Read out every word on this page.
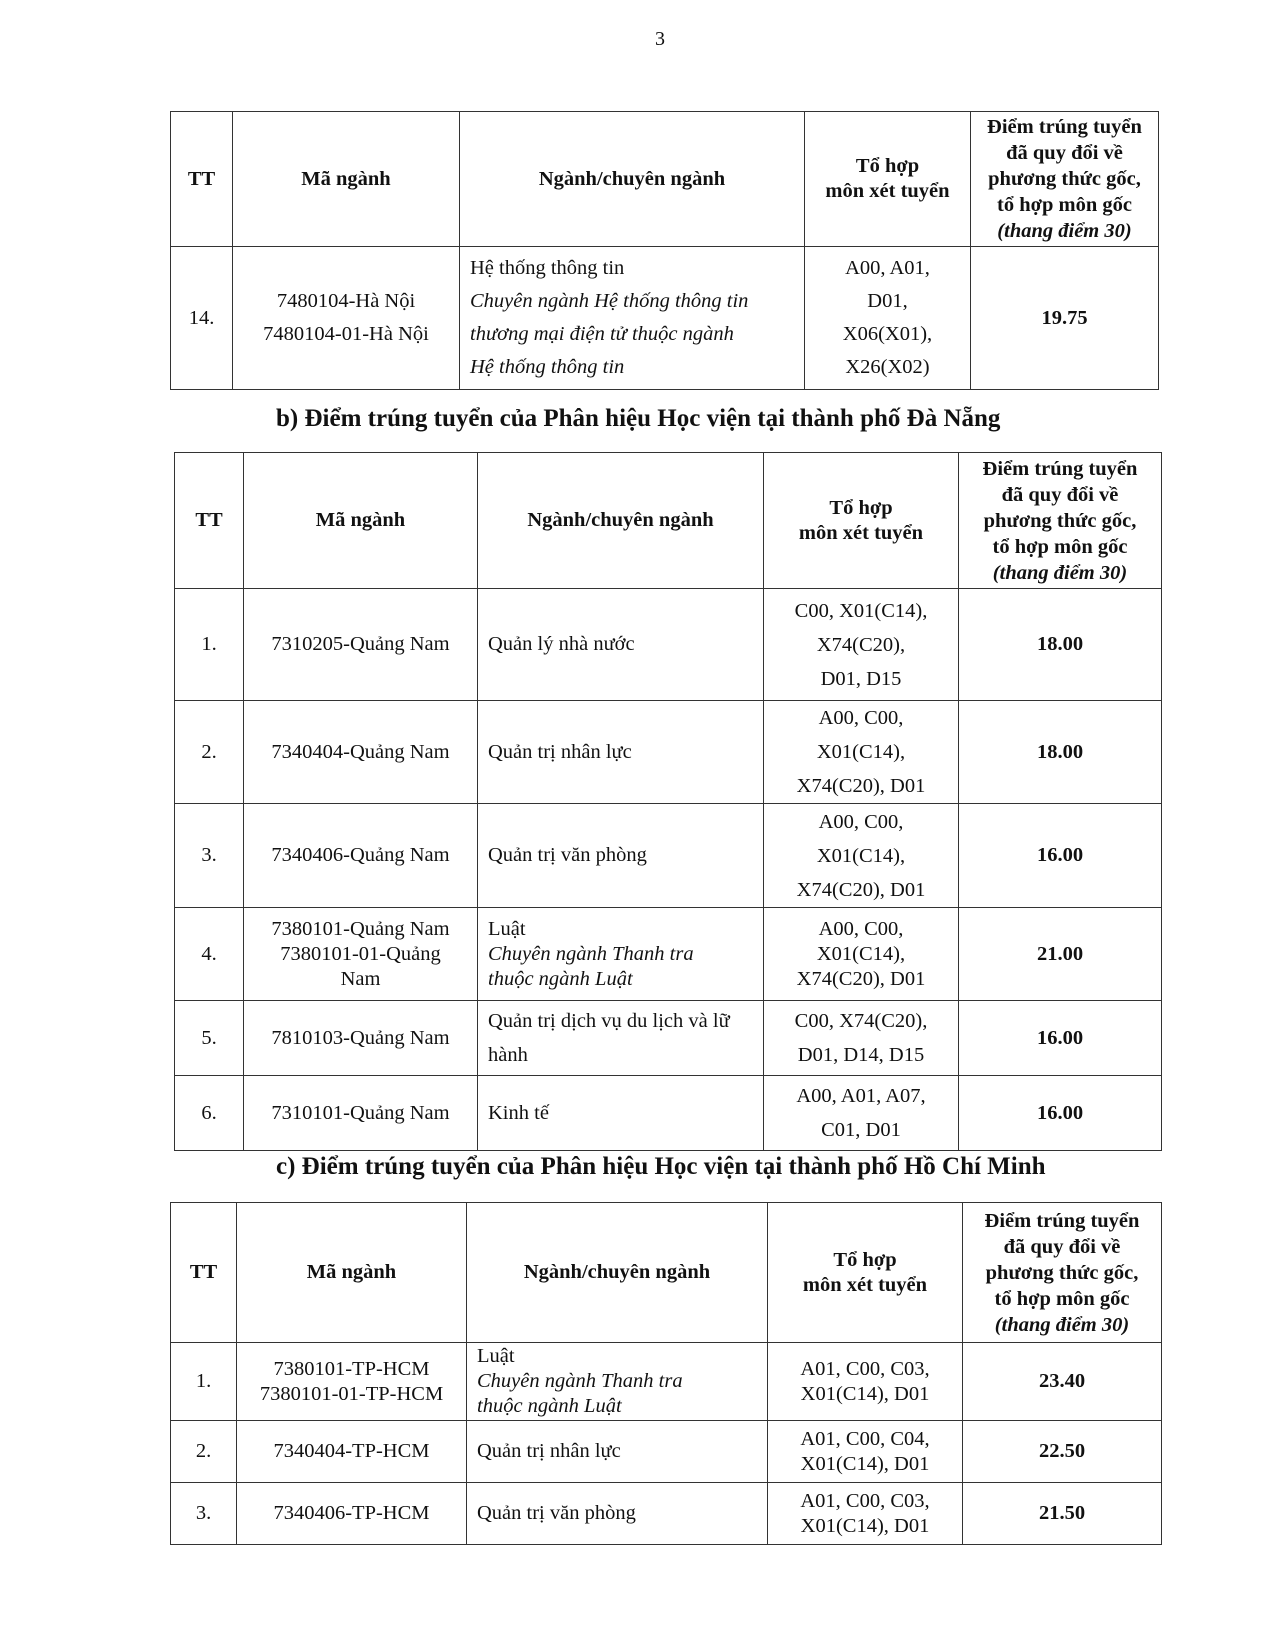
3
TT	Mã ngành	Ngành/chuyên ngành	Tổ hợp
môn xét tuyển	Điểm trúng tuyển
đã quy đổi về
phương thức gốc,
tổ hợp môn gốc
(thang điểm 30)

14.	7480104-Hà Nội
7480104-01-Hà Nội	Hệ thống thông tin
Chuyên ngành Hệ thống thông tin
thương mại điện tử thuộc ngành
Hệ thống thông tin	A00, A01,
D01,
X06(X01),
X26(X02)	19.75
b) Điểm trúng tuyển của Phân hiệu Học viện tại thành phố Đà Nẵng
TT	Mã ngành	Ngành/chuyên ngành	Tổ hợp
môn xét tuyển	Điểm trúng tuyển
đã quy đổi về
phương thức gốc,
tổ hợp môn gốc
(thang điểm 30)

1.	7310205-Quảng Nam	Quản lý nhà nước	C00, X01(C14),
X74(C20),
D01, D15	18.00
2.	7340404-Quảng Nam	Quản trị nhân lực	A00, C00,
X01(C14),
X74(C20), D01	18.00
3.	7340406-Quảng Nam	Quản trị văn phòng	A00, C00,
X01(C14),
X74(C20), D01	16.00
4.	7380101-Quảng Nam
7380101-01-Quảng
Nam	Luật
Chuyên ngành Thanh tra
thuộc ngành Luật	A00, C00,
X01(C14),
X74(C20), D01	21.00
5.	7810103-Quảng Nam	Quản trị dịch vụ du lịch và lữ
hành	C00, X74(C20),
D01, D14, D15	16.00
6.	7310101-Quảng Nam	Kinh tế	A00, A01, A07,
C01, D01	16.00
c) Điểm trúng tuyển của Phân hiệu Học viện tại thành phố Hồ Chí Minh
TT	Mã ngành	Ngành/chuyên ngành	Tổ hợp
môn xét tuyển	Điểm trúng tuyển
đã quy đổi về
phương thức gốc,
tổ hợp môn gốc
(thang điểm 30)

1.	7380101-TP-HCM
7380101-01-TP-HCM	Luật
Chuyên ngành Thanh tra
thuộc ngành Luật	A01, C00, C03,
X01(C14), D01	23.40
2.	7340404-TP-HCM	Quản trị nhân lực	A01, C00, C04,
X01(C14), D01	22.50
3.	7340406-TP-HCM	Quản trị văn phòng	A01, C00, C03,
X01(C14), D01	21.50
